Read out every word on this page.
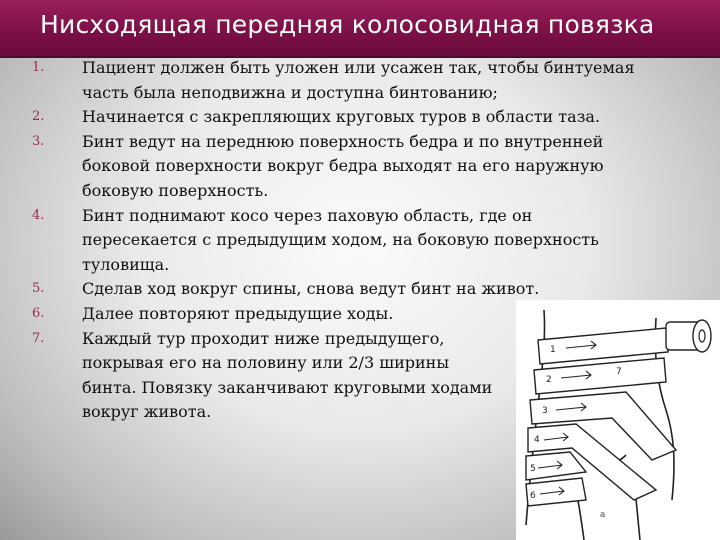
Нисходящая передняя колосовидная повязка
1.	Пациент должен быть уложен или усажен так, чтобы бинтуемая
часть была неподвижна и доступна бинтованию;
2.	Начинается с закрепляющих круговых туров в области таза.
3.	Бинт ведут на переднюю поверхность бедра и по внутренней
боковой поверхности вокруг бедра выходят на его наружную
боковую поверхность.
4.	Бинт поднимают косо через паховую область, где он
пересекается с предыдущим ходом, на боковую поверхность
туловища.
5.	Сделав ход вокруг спины, снова ведут бинт на живот.
6.	Далее повторяют предыдущие ходы.
7.	Каждый тур проходит ниже предыдущего,
покрывая его на половину или 2/3 ширины
бинта. Повязку заканчивают круговыми ходами
вокруг живота.
1
2
3
4
5
6
7
а
